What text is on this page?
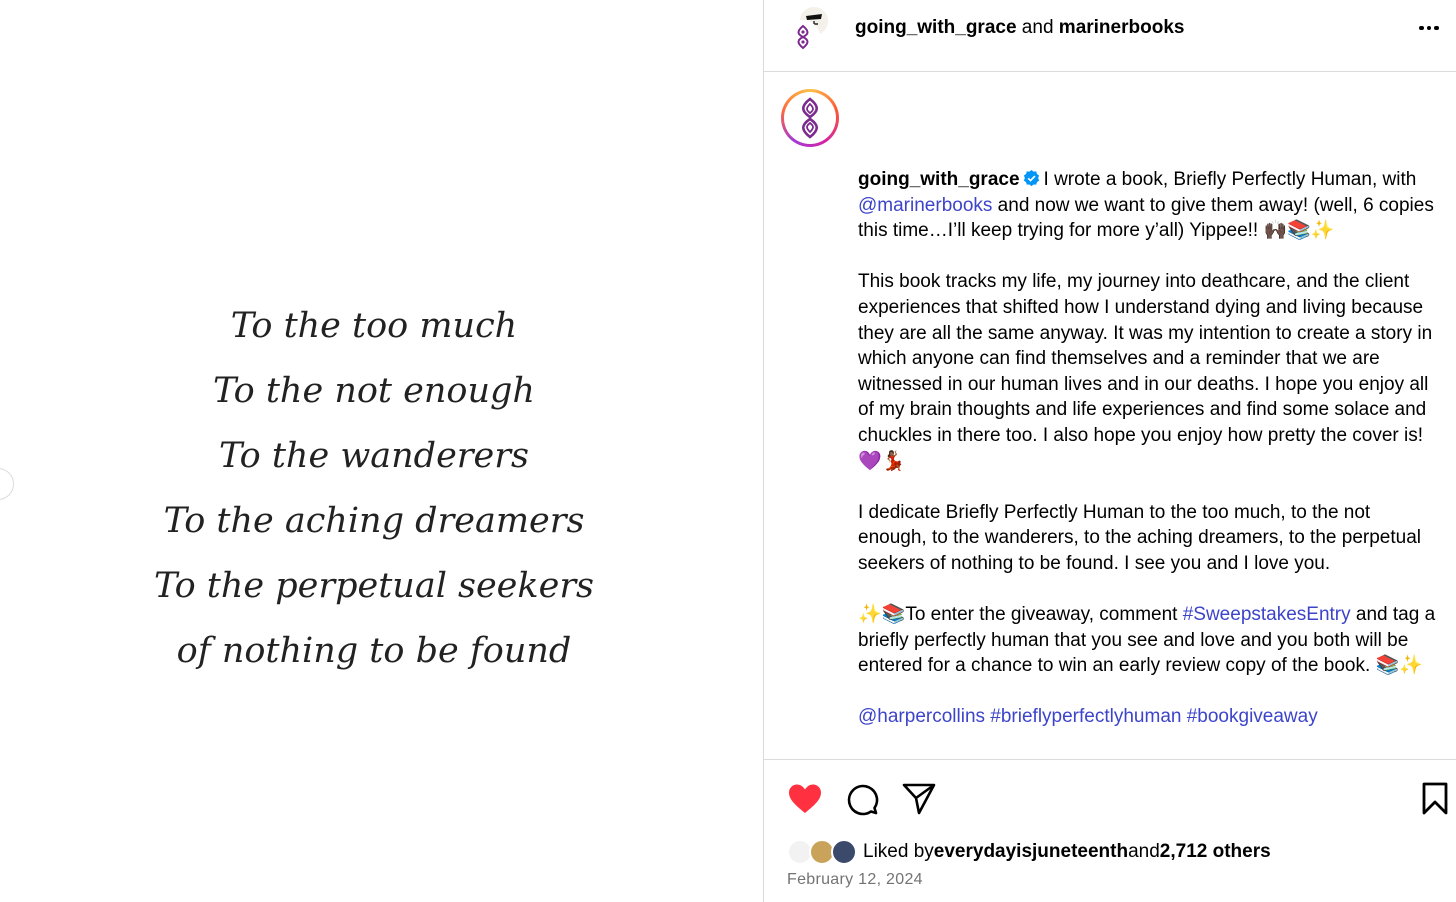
To the too much
To the not enough
To the wanderers
To the aching dreamers
To the perpetual seekers
of nothing to be found
going_with_grace and marinerbooks

going_with_grace I wrote a book, Briefly Perfectly Human, with @marinerbooks and now we want to give them away! (well, 6 copies this time…I’ll keep trying for more y’all) Yippee!! 🙌🏿📚✨

This book tracks my life, my journey into deathcare, and the client experiences that shifted how I understand dying and living because they are all the same anyway. It was my intention to create a story in which anyone can find themselves and a reminder that we are witnessed in our human lives and in our deaths. I hope you enjoy all of my brain thoughts and life experiences and find some solace and chuckles in there too. I also hope you enjoy how pretty the cover is! 💜💃🏾

I dedicate Briefly Perfectly Human to the too much, to the not enough, to the wanderers, to the aching dreamers, to the perpetual seekers of nothing to be found. I see you and I love you.

✨📚To enter the giveaway, comment #SweepstakesEntry and tag a briefly perfectly human that you see and love and you both will be entered for a chance to win an early review copy of the book. 📚✨

@harpercollins #brieflyperfectlyhuman #bookgiveaway

Liked by everydayisjuneteenth and 2,712 others
February 12, 2024
